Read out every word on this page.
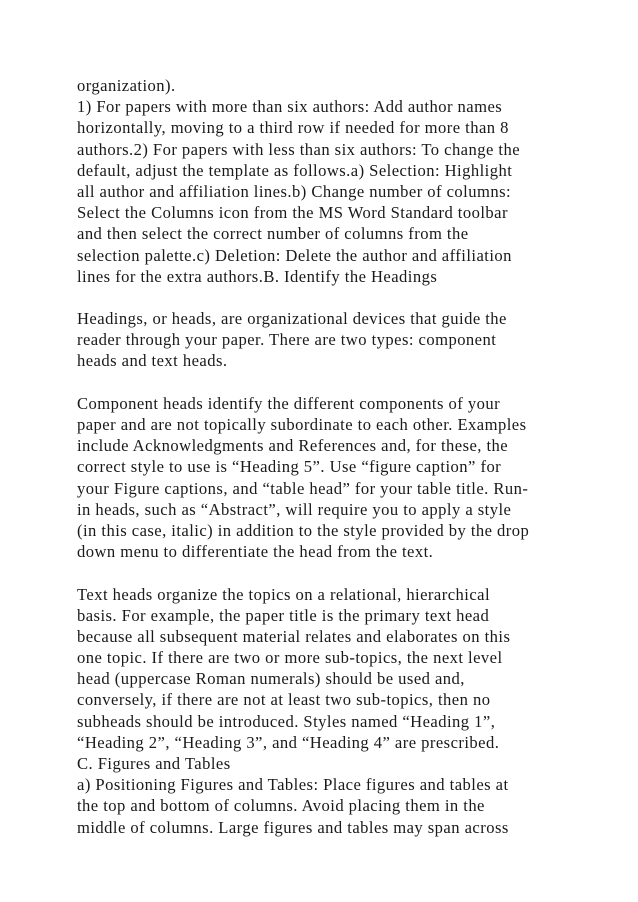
organization).
1) For papers with more than six authors: Add author names
horizontally, moving to a third row if needed for more than 8
authors.2) For papers with less than six authors: To change the
default, adjust the template as follows.a) Selection: Highlight
all author and affiliation lines.b) Change number of columns:
Select the Columns icon from the MS Word Standard toolbar
and then select the correct number of columns from the
selection palette.c) Deletion: Delete the author and affiliation
lines for the extra authors.B. Identify the Headings
Headings, or heads, are organizational devices that guide the
reader through your paper. There are two types: component
heads and text heads.
Component heads identify the different components of your
paper and are not topically subordinate to each other. Examples
include Acknowledgments and References and, for these, the
correct style to use is “Heading 5”. Use “figure caption” for
your Figure captions, and “table head” for your table title. Run-
in heads, such as “Abstract”, will require you to apply a style
(in this case, italic) in addition to the style provided by the drop
down menu to differentiate the head from the text.
Text heads organize the topics on a relational, hierarchical
basis. For example, the paper title is the primary text head
because all subsequent material relates and elaborates on this
one topic. If there are two or more sub-topics, the next level
head (uppercase Roman numerals) should be used and,
conversely, if there are not at least two sub-topics, then no
subheads should be introduced. Styles named “Heading 1”,
“Heading 2”, “Heading 3”, and “Heading 4” are prescribed.
C. Figures and Tables
a) Positioning Figures and Tables: Place figures and tables at
the top and bottom of columns. Avoid placing them in the
middle of columns. Large figures and tables may span across
